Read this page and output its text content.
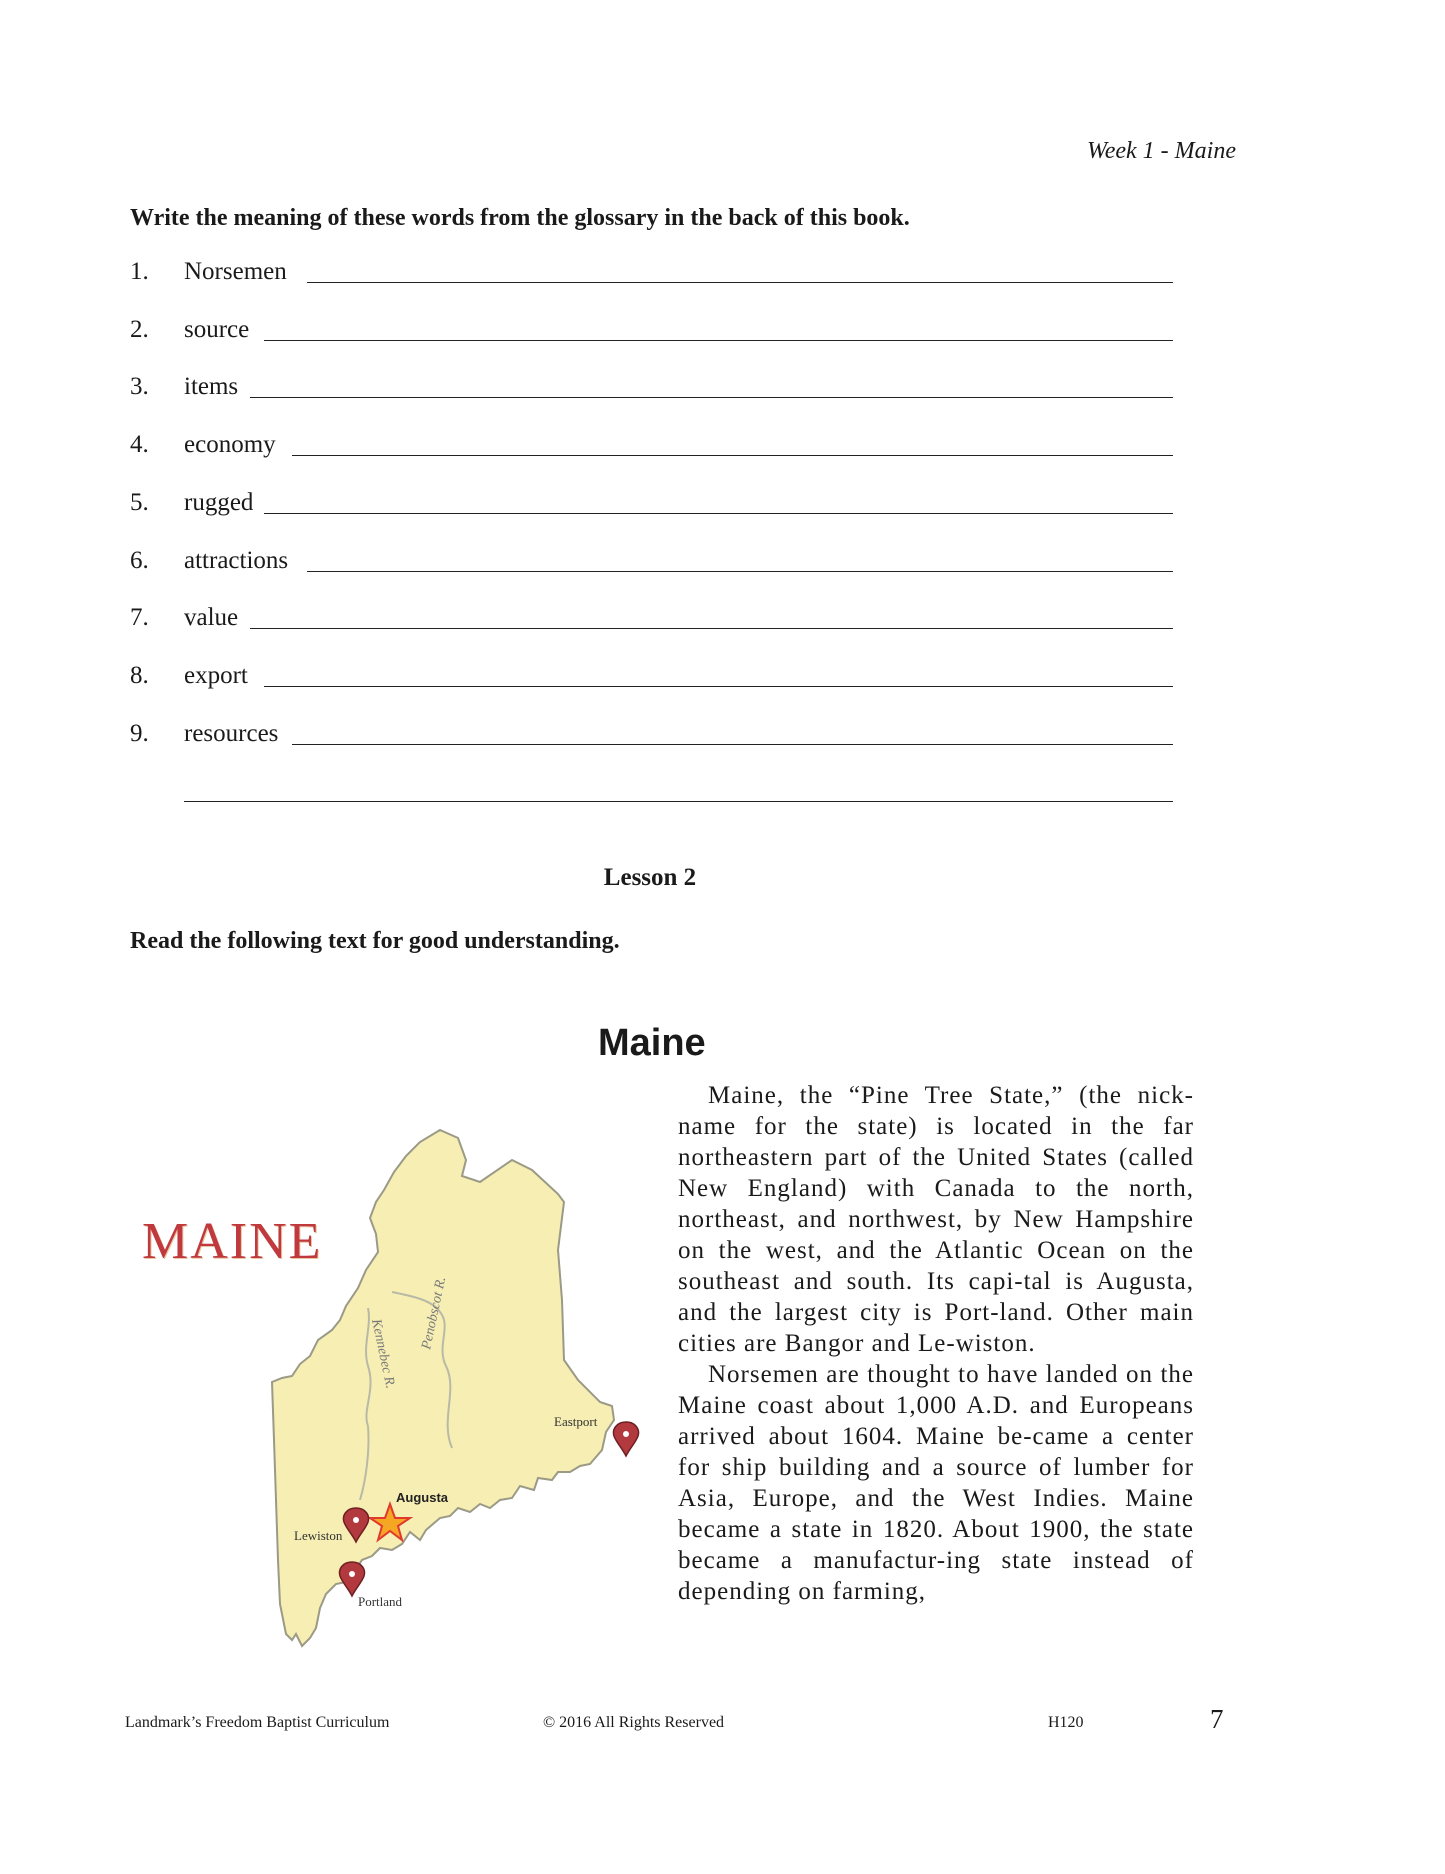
Week 1 - Maine
Write the meaning of these words from the glossary in the back of this book.
1.	Norsemen
2.	source
3.	items
4.	economy
5.	rugged
6.	attractions
7.	value
8.	export
9.	resources
Lesson 2
Read the following text for good understanding.
Maine

Maine, the “Pine Tree State,” (the nick-name for the state) is located in the far northeastern part of the United States (called New England) with Canada to the north, northeast, and northwest, by New Hampshire on the west, and the Atlantic Ocean on the southeast and south. Its capi-tal is Augusta, and the largest city is Port-land. Other main cities are Bangor and Le-wiston.

Norsemen are thought to have landed on the Maine coast about 1,000 A.D. and Europeans arrived about 1604. Maine be-came a center for ship building and a source of lumber for Asia, Europe, and the West Indies. Maine became a state in 1820. About 1900, the state became a manufactur-ing state instead of depending on farming,

Kennebec R.
Penobscot R.
Augusta
Lewiston
Portland
Eastport
MAINE
Landmark’s Freedom Baptist Curriculum	© 2016 All Rights Reserved	H120	7
